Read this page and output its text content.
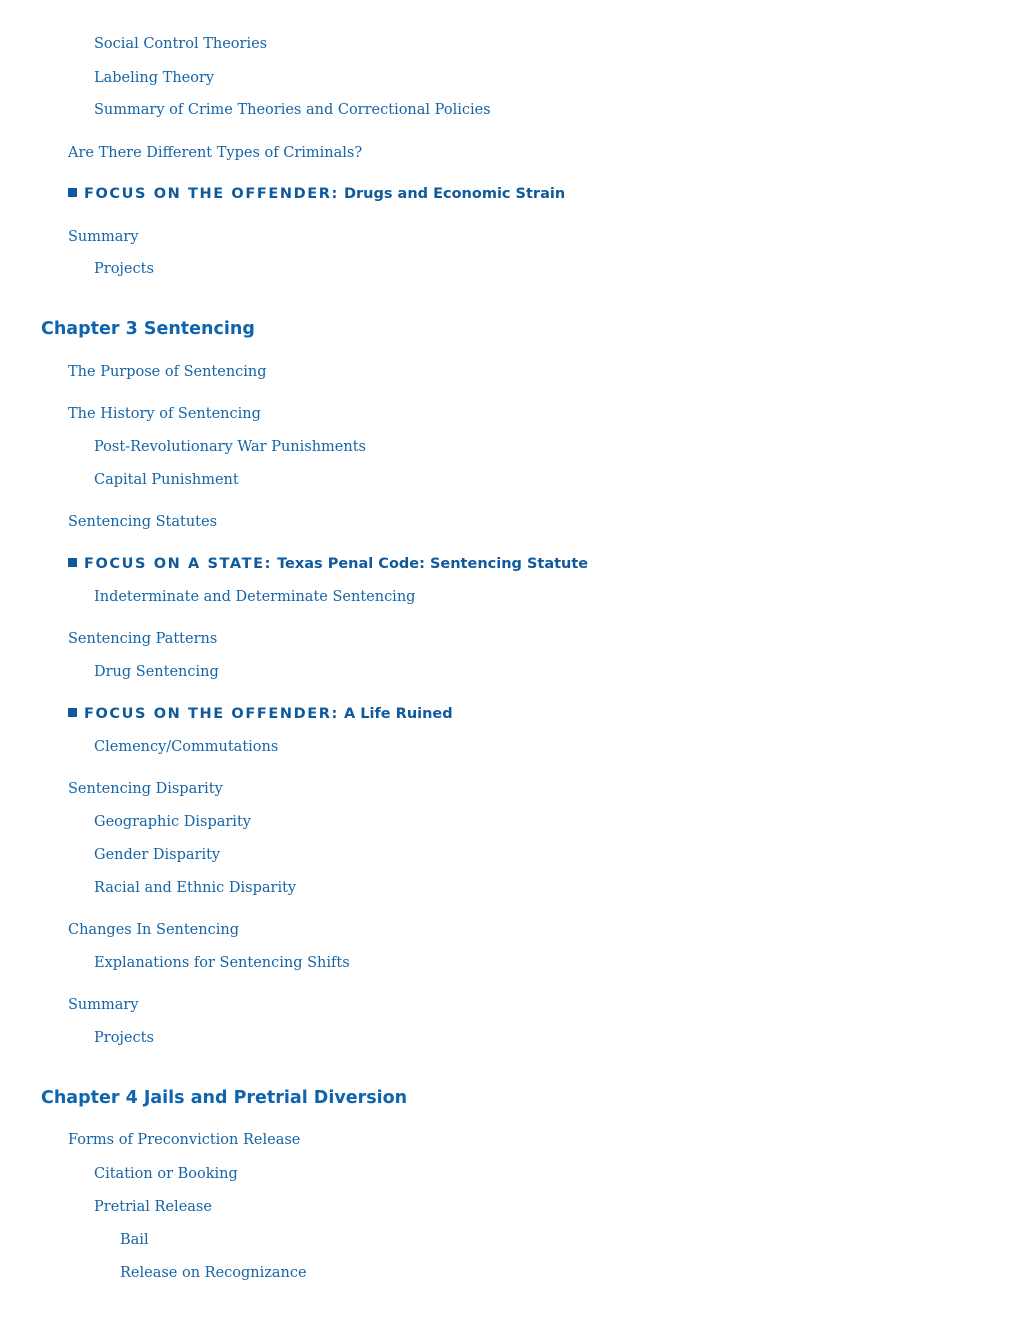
Social Control Theories
Labeling Theory
Summary of Crime Theories and Correctional Policies
Are There Different Types of Criminals?
FOCUS ON THE OFFENDER: Drugs and Economic Strain
Summary
Projects
Chapter 3 Sentencing
The Purpose of Sentencing
The History of Sentencing
Post-Revolutionary War Punishments
Capital Punishment
Sentencing Statutes
FOCUS ON A STATE: Texas Penal Code: Sentencing Statute
Indeterminate and Determinate Sentencing
Sentencing Patterns
Drug Sentencing
FOCUS ON THE OFFENDER: A Life Ruined
Clemency/Commutations
Sentencing Disparity
Geographic Disparity
Gender Disparity
Racial and Ethnic Disparity
Changes In Sentencing
Explanations for Sentencing Shifts
Summary
Projects
Chapter 4 Jails and Pretrial Diversion
Forms of Preconviction Release
Citation or Booking
Pretrial Release
Bail
Release on Recognizance
